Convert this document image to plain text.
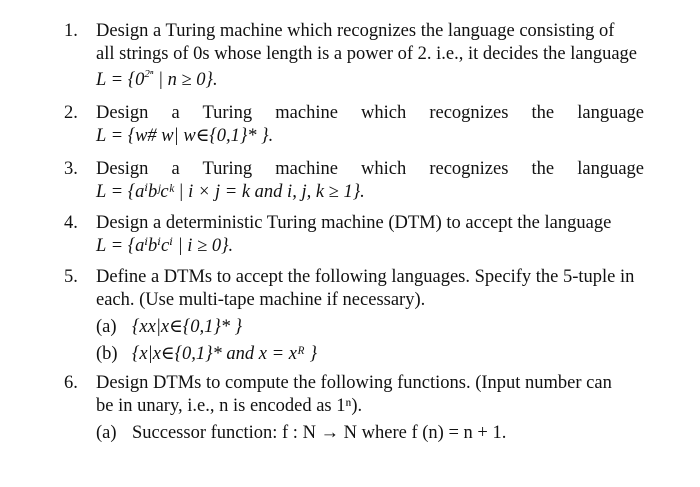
1. Design a Turing machine which recognizes the language consisting of
all strings of 0s whose length is a power of 2. i.e., it decides the language
$L = \{0^{2^n}$ | n ≥ 0}.
2. Design a Turing machine which recognizes the language
L = {w# w| w∈{0,1}* }.
3. Design a Turing machine which recognizes the language
L = {aⁱbʲcᵏ | i × j = k and i, j, k ≥ 1}.
4. Design a deterministic Turing machine (DTM) to accept the language
L = {aⁱbⁱcⁱ | i ≥ 0}.
5. Define a DTMs to accept the following languages. Specify the 5-tuple in
each. (Use multi-tape machine if necessary).
(a) {xx|x∈{0,1}* }
(b) {x|x∈{0,1}* and x = xᴿ }
6. Design DTMs to compute the following functions. (Input number can
be in unary, i.e., n is encoded as 1ⁿ).
(a) Successor function: f : N → N where f (n) = n + 1.
